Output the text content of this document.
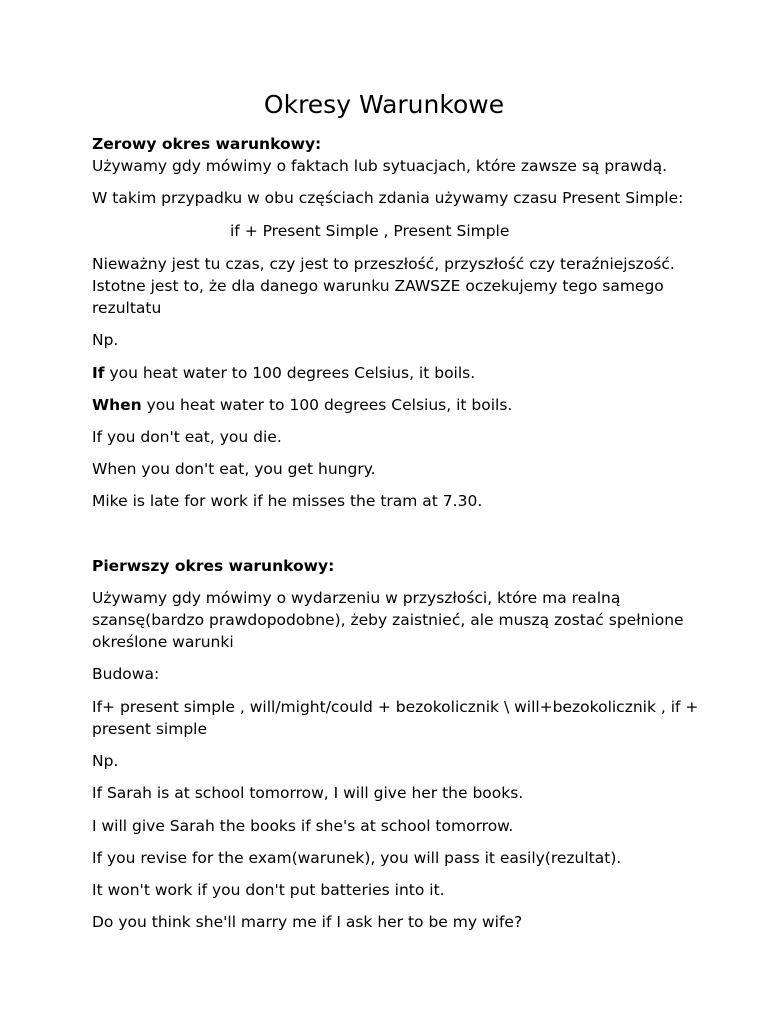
Okresy Warunkowe

Zerowy okres warunkowy:

Używamy gdy mówimy o faktach lub sytuacjach, które zawsze są prawdą.

W takim przypadku w obu częściach zdania używamy czasu Present Simple:

if + Present Simple , Present Simple

Nieważny jest tu czas, czy jest to przeszłość, przyszłość czy teraźniejszość.

Istotne jest to, że dla danego warunku ZAWSZE oczekujemy tego samego

rezultatu

Np.

If you heat water to 100 degrees Celsius, it boils.

When you heat water to 100 degrees Celsius, it boils.

If you don't eat, you die.

When you don't eat, you get hungry.

Mike is late for work if he misses the tram at 7.30.

Pierwszy okres warunkowy:

Używamy gdy mówimy o wydarzeniu w przyszłości, które ma realną

szansę(bardzo prawdopodobne), żeby zaistnieć, ale muszą zostać spełnione

określone warunki

Budowa:

If+ present simple , will/might/could + bezokolicznik \ will+bezokolicznik , if +

present simple

Np.

If Sarah is at school tomorrow, I will give her the books.

I will give Sarah the books if she's at school tomorrow.

If you revise for the exam(warunek), you will pass it easily(rezultat).

It won't work if you don't put batteries into it.

Do you think she'll marry me if I ask her to be my wife?
